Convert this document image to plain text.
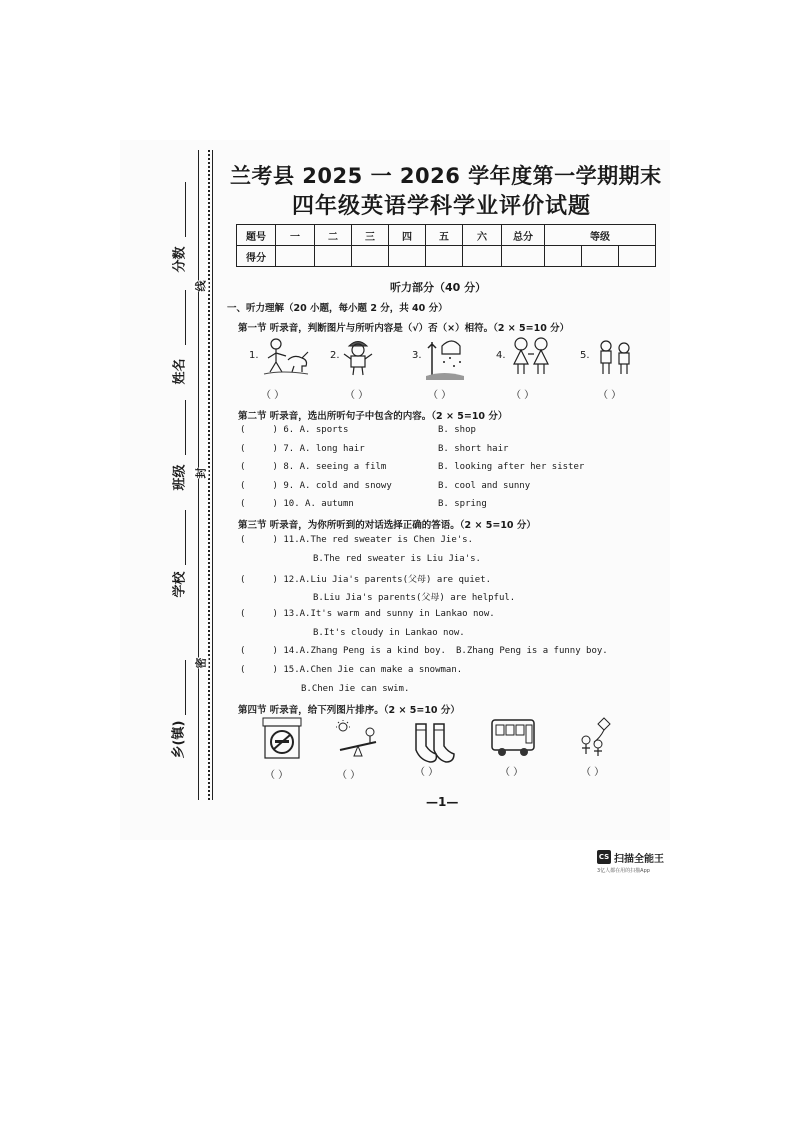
分数
姓名
班级
学校
乡(镇)
线
封
密
兰考县 2025 一 2026 学年度第一学期期末
四年级英语学科学业评价试题
题号	一	二	三	四	五	六	总分	等级		
得分										
听力部分（40 分）
一、听力理解（20 小题，每小题 2 分，共 40 分）
第一节 听录音，判断图片与所听内容是（√）否（×）相符。（2 × 5=10 分）
1.
（ ）
2.
（ ）
3.
（ ）
4.
（ ）
5.
（ ）
第二节 听录音，选出所听句子中包含的内容。（2 × 5=10 分）
(     ) 6. A. sports	B. shop
(     ) 7. A. long hair	B. short hair
(     ) 8. A. seeing a film	B. looking after her sister
(     ) 9. A. cold and snowy	B. cool and sunny
(     ) 10. A. autumn	B. spring
第三节 听录音，为你所听到的对话选择正确的答语。（2 × 5=10 分）
(     ) 11.A.The red sweater is Chen Jie's.
B.The red sweater is Liu Jia's.
(     ) 12.A.Liu Jia's parents(父母) are quiet.
B.Liu Jia's parents(父母) are helpful.
(     ) 13.A.It's warm and sunny in Lankao now.
B.It's cloudy in Lankao now.
(     ) 14.A.Zhang Peng is a kind boy. B.Zhang Peng is a funny boy.
(     ) 15.A.Chen Jie can make a snowman.
B.Chen Jie can swim.
第四节 听录音，给下列图片排序。（2 × 5=10 分）
（ ）	（ ）	（ ）	（ ）	（ ）
—1—
CS 扫描全能王
3亿人都在用的扫描App
